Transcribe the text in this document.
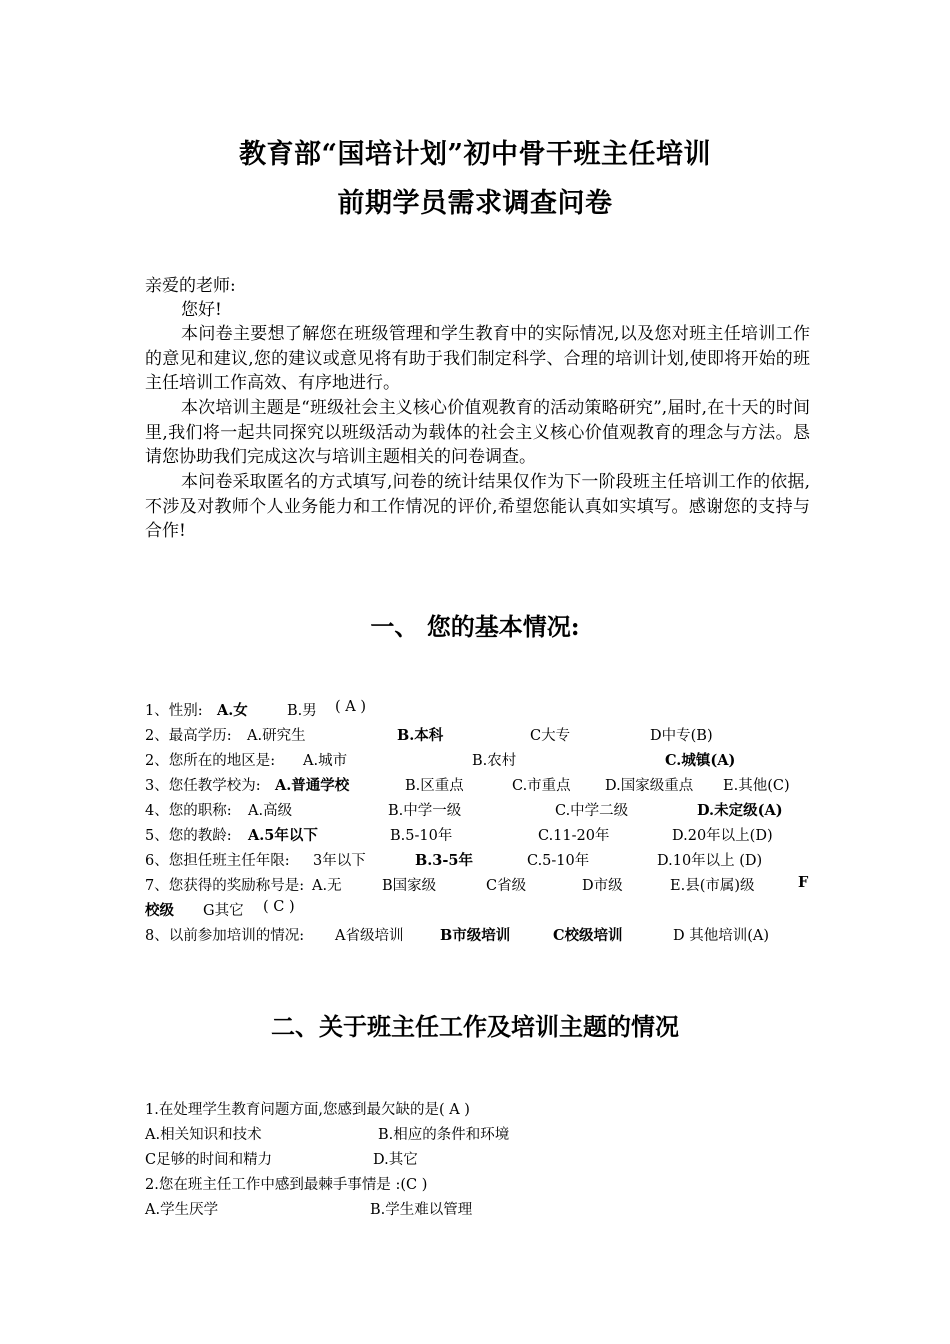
教育部“国培计划”初中骨干班主任培训
前期学员需求调查问卷
亲爱的老师:
您好!
本问卷主要想了解您在班级管理和学生教育中的实际情况,以及您对班主任培训工作的意见和建议,您的建议或意见将有助于我们制定科学、合理的培训计划,使即将开始的班主任培训工作高效、有序地进行。
本次培训主题是“班级社会主义核心价值观教育的活动策略研究”,届时,在十天的时间里,我们将一起共同探究以班级活动为载体的社会主义核心价值观教育的理念与方法。恳请您协助我们完成这次与培训主题相关的问卷调查。
本问卷采取匿名的方式填写,问卷的统计结果仅作为下一阶段班主任培训工作的依据,不涉及对教师个人业务能力和工作情况的评价,希望您能认真如实填写。感谢您的支持与合作!
一、 您的基本情况:
1、性别: A.女	B.男 ( A )
2、最高学历: A.研究生	B.本科	C大专	D中专(B)
2、您所在的地区是: A.城市	B.农村	C.城镇(A)
3、您任教学校为: A.普通学校	B.区重点	C.市重点 D.国家级重点 E.其他(C)
4、您的职称: A.高级	B.中学一级	C.中学二级	D.未定级(A)
5、您的教龄: A.5年以下	B.5-10年	C.11-20年	D.20年以上(D)
6、您担任班主任年限: 3年以下	B.3-5年	C.5-10年	D.10年以上 (D)
7、您获得的奖励称号是: A.无	B国家级	C省级	D市级	E.县(市属)级	F
校级 G其它 ( C )
8、以前参加培训的情况: A省级培训	B市级培训	C校级培训	D 其他培训(A)
二、关于班主任工作及培训主题的情况
1.在处理学生教育问题方面,您感到最欠缺的是( A )
A.相关知识和技术	B.相应的条件和环境
C足够的时间和精力	D.其它
2.您在班主任工作中感到最棘手事情是 :(C )
A.学生厌学	B.学生难以管理
